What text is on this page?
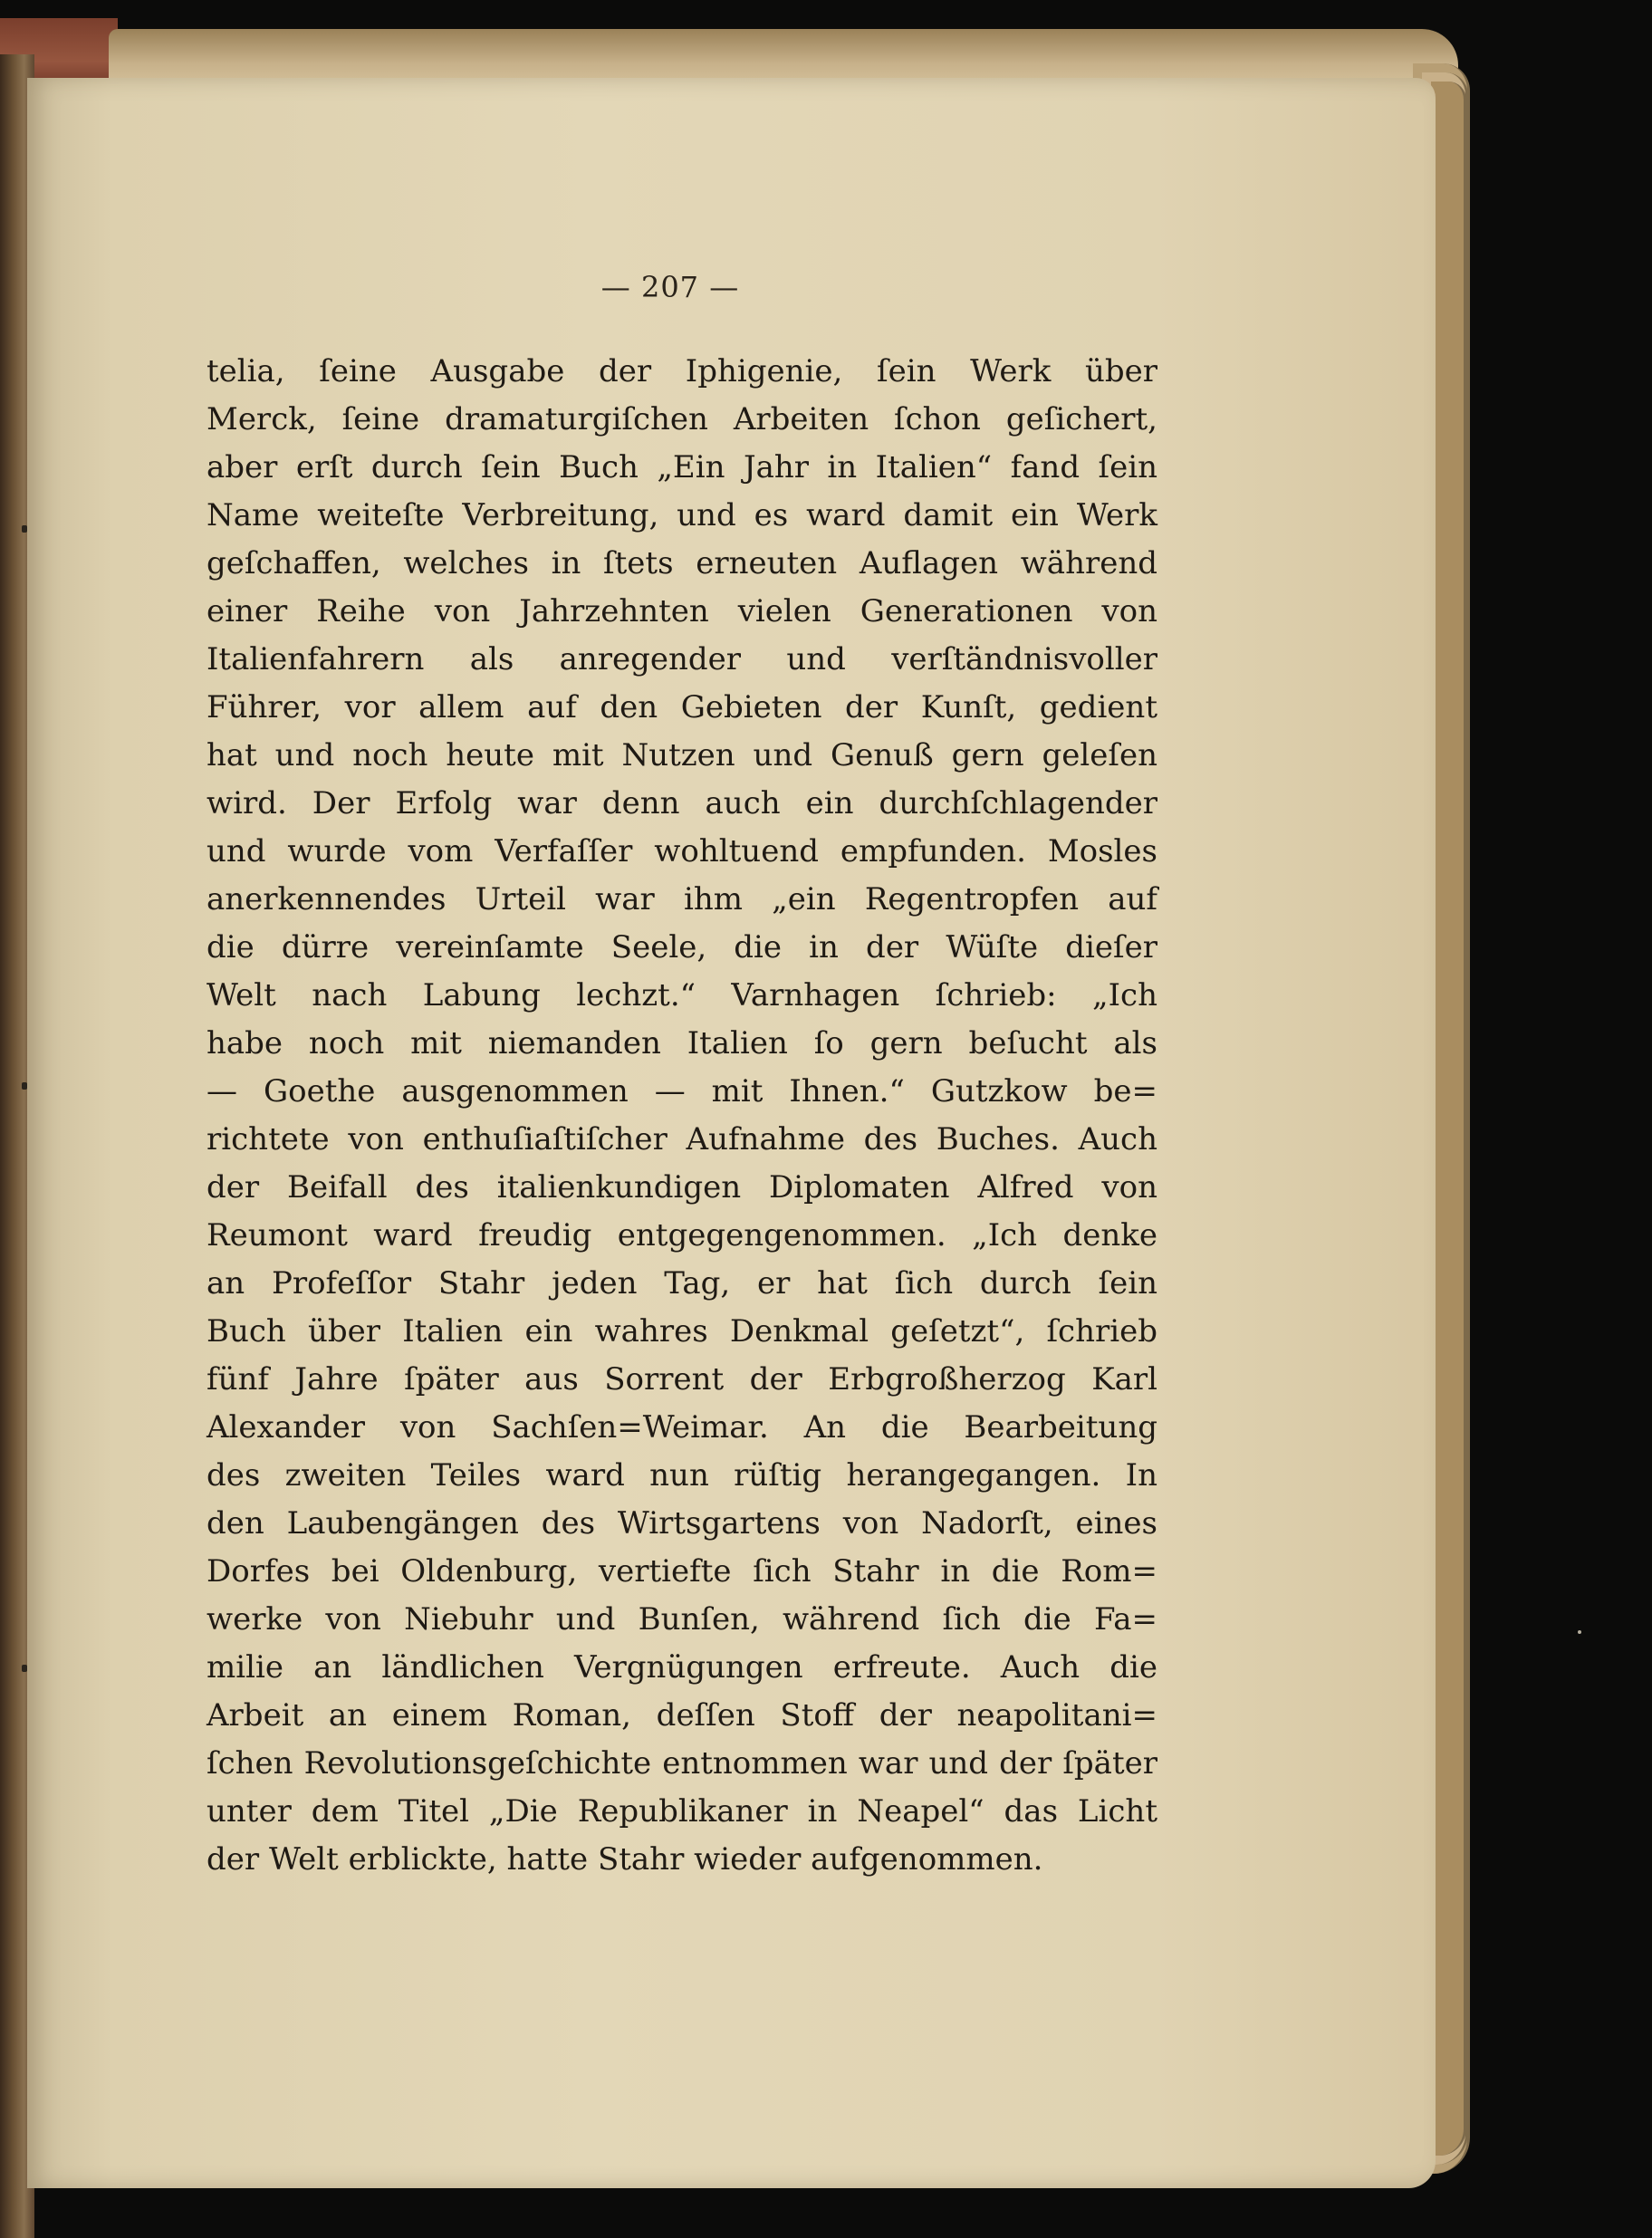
— 207 —
telia, ſeine Ausgabe der Iphigenie, ſein Werk über
Merck, ſeine dramaturgiſchen Arbeiten ſchon geſichert,
aber erſt durch ſein Buch „Ein Jahr in Italien“ fand ſein
Name weiteſte Verbreitung, und es ward damit ein Werk
geſchaffen, welches in ſtets erneuten Auflagen während
einer Reihe von Jahrzehnten vielen Generationen von
Italienfahrern als anregender und verſtändnisvoller
Führer, vor allem auf den Gebieten der Kunſt, gedient
hat und noch heute mit Nutzen und Genuß gern geleſen
wird. Der Erfolg war denn auch ein durchſchlagender
und wurde vom Verfaſſer wohltuend empfunden. Mosles
anerkennendes Urteil war ihm „ein Regentropfen auf
die dürre vereinſamte Seele, die in der Wüſte dieſer
Welt nach Labung lechzt.“ Varnhagen ſchrieb: „Ich
habe noch mit niemanden Italien ſo gern beſucht als
— Goethe ausgenommen — mit Ihnen.“ Gutzkow be=
richtete von enthuſiaſtiſcher Aufnahme des Buches. Auch
der Beifall des italienkundigen Diplomaten Alfred von
Reumont ward freudig entgegengenommen. „Ich denke
an Profeſſor Stahr jeden Tag, er hat ſich durch ſein
Buch über Italien ein wahres Denkmal geſetzt“, ſchrieb
fünf Jahre ſpäter aus Sorrent der Erbgroßherzog Karl
Alexander von Sachſen=Weimar. An die Bearbeitung
des zweiten Teiles ward nun rüſtig herangegangen. In
den Laubengängen des Wirtsgartens von Nadorſt, eines
Dorfes bei Oldenburg, vertiefte ſich Stahr in die Rom=
werke von Niebuhr und Bunſen, während ſich die Fa=
milie an ländlichen Vergnügungen erfreute. Auch die
Arbeit an einem Roman, deſſen Stoff der neapolitani=
ſchen Revolutionsgeſchichte entnommen war und der ſpäter
unter dem Titel „Die Republikaner in Neapel“ das Licht
der Welt erblickte, hatte Stahr wieder aufgenommen.
